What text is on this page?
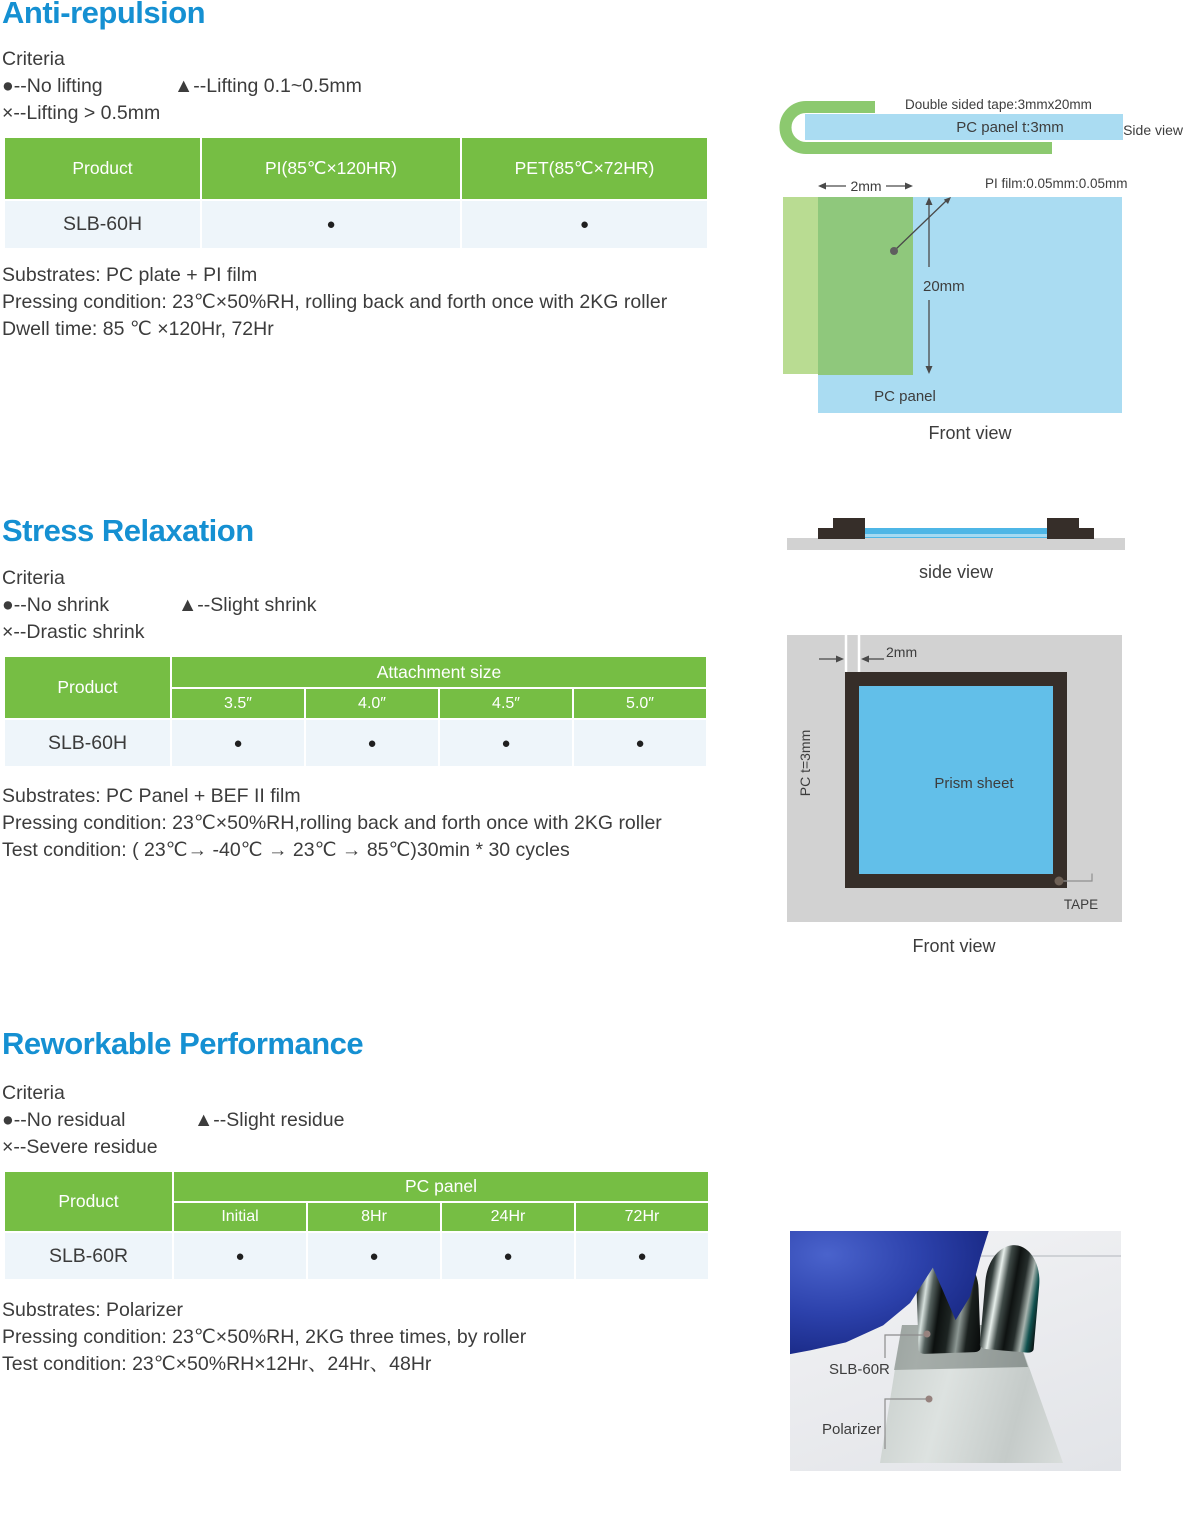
Anti-repulsion
Criteria
●--No lifting	▲--Lifting 0.1~0.5mm
×--Lifting > 0.5mm
Product	PI(85℃×120HR)	PET(85℃×72HR)
SLB-60H	●	●
Substrates: PC plate + PI film
Pressing condition: 23℃×50%RH, rolling back and forth once with 2KG roller
Dwell time: 85 ℃ ×120Hr, 72Hr
Double sided tape:3mmx20mm
PC panel t:3mm	Side view
2mm	PI film:0.05mm:0.05mm
20mm
PC panel
Front view
Stress Relaxation
Criteria
●--No shrink	▲--Slight shrink
×--Drastic shrink
Product
Attachment size
3.5″	4.0″	4.5″	5.0″
SLB-60H	●	●	●	●
Substrates: PC Panel + BEF II film
Pressing condition: 23℃×50%RH,rolling back and forth once with 2KG roller
Test condition: ( 23℃→ -40℃ → 23℃ → 85℃)30min * 30 cycles
side view
2mm
PC t=3mm	Prism sheet
TAPE
Front view
Reworkable Performance
Criteria
●--No residual	▲--Slight residue
×--Severe residue
Product
PC panel
Initial	8Hr	24Hr	72Hr
SLB-60R	●	●	●	●
Substrates: Polarizer
Pressing condition: 23℃×50%RH, 2KG three times, by roller
Test condition: 23℃×50%RH×12Hr、24Hr、48Hr	SLB-60R
Polarizer
